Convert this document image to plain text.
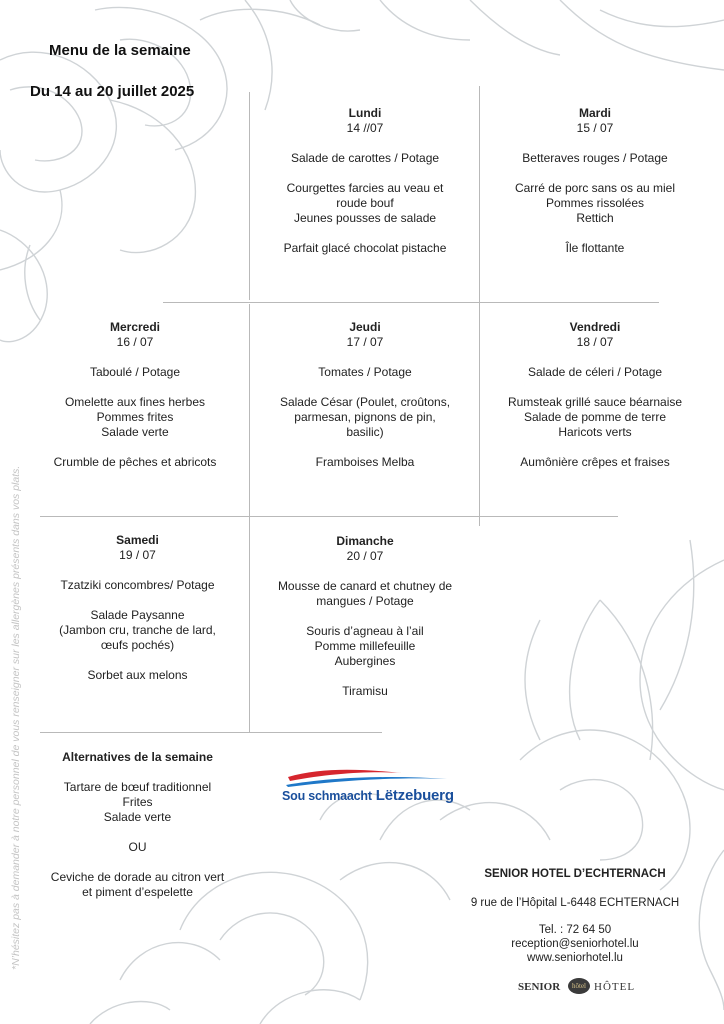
Menu de la semaine
Du 14 au 20 juillet 2025
Lundi
14 //07
Salade de carottes / Potage
Courgettes farcies au veau et
roude bouf
Jeunes pousses de salade
Parfait glacé chocolat pistache
Mardi
15 / 07
Betteraves rouges / Potage
Carré de porc sans os au miel
Pommes rissolées
Rettich
Île flottante
Mercredi
16 / 07
Taboulé / Potage
Omelette aux fines herbes
Pommes frites
Salade verte
Crumble de pêches et abricots
Jeudi
17 / 07
Tomates / Potage
Salade César (Poulet, croûtons,
parmesan, pignons de pin,
basilic)
Framboises Melba
Vendredi
18 / 07
Salade de céleri / Potage
Rumsteak grillé sauce béarnaise
Salade de pomme de terre
Haricots verts
Aumônière crêpes et fraises
Samedi
19 / 07
Tzatziki concombres/ Potage
Salade Paysanne
(Jambon cru, tranche de lard,
œufs pochés)
Sorbet aux melons
Dimanche
20 / 07
Mousse de canard et chutney de
mangues / Potage
Souris d’agneau à l’ail
Pomme millefeuille
Aubergines
Tiramisu
Alternatives de la semaine
Tartare de bœuf traditionnel
Frites
Salade verte
OU
Ceviche de dorade au citron vert
et piment d’espelette
Sou schmaacht Lëtzebuerg
SENIOR HOTEL D’ECHTERNACH
9 rue de l’Hôpital L-6448 ECHTERNACH
Tel. : 72 64 50
reception@seniorhotel.lu
www.seniorhotel.lu
SENIOR	hôtel HÔTEL
*N’hésitez pas à demander à notre personnel de vous renseigner sur les allergènes présents dans vos plats.
